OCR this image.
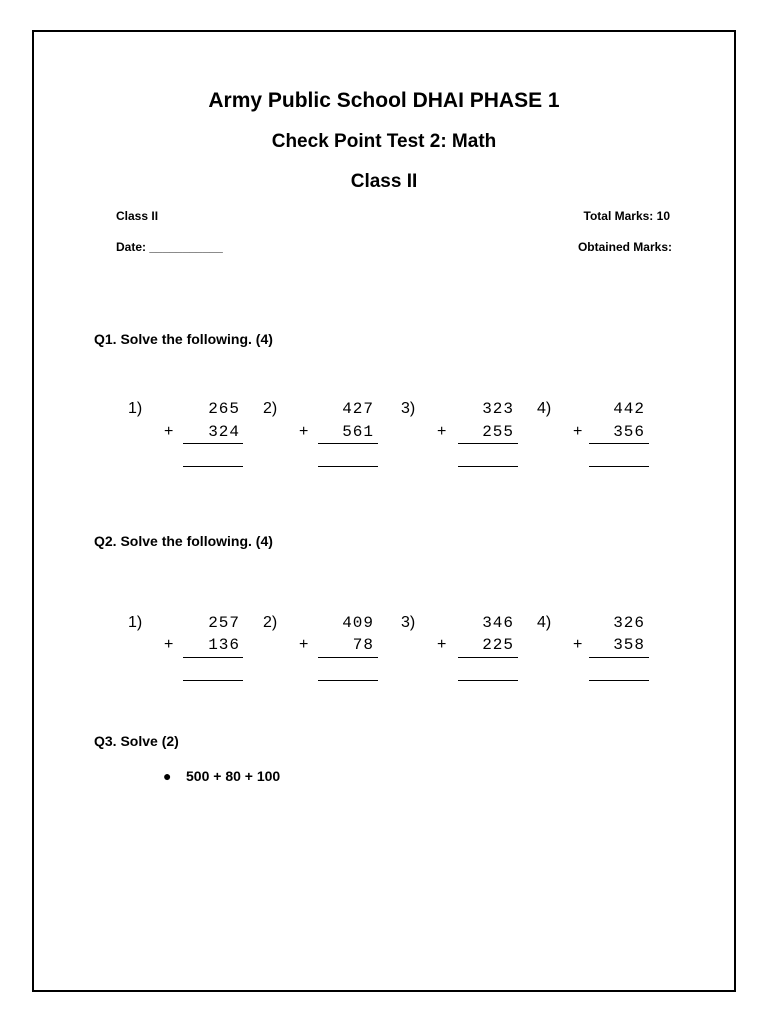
Army Public School DHAI PHASE 1
Check Point Test 2: Math
Class II
Class II	Total Marks: 10
Date: ___________	Obtained Marks:
Q1. Solve the following. (4)
1)	265
+ 324
2)	427
+ 561
3)	323
+ 255
4)	442
+ 356
Q2. Solve the following. (4)
1)	257
+ 136
2)	409
+	78
3)	346
+ 225
4)	326
+ 358
Q3. Solve (2)
● 500 + 80 + 100
